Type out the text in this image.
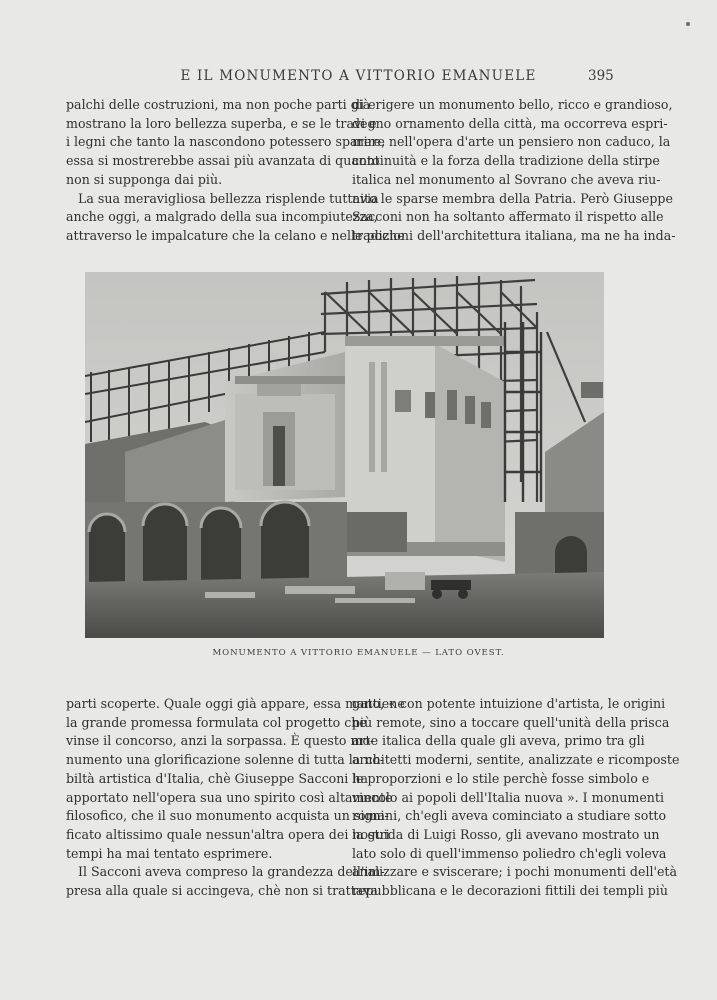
E IL MONUMENTO A VITTORIO EMANUELE	395
palchi delle costruzioni, ma non poche parti già
mostrano la loro bellezza superba, e se le travi e
i legni che tanto la nascondono potessero sparire,
essa si mostrerebbe assai più avanzata di quanto
non si supponga dai più.
La sua meravigliosa bellezza risplende tuttavia
anche oggi, a malgrado della sua incompiutezza,
attraverso le impalcature che la celano e nelle poche
di erigere un monumento bello, ricco e grandioso,
degno ornamento della città, ma occorreva espri-
mere nell'opera d'arte un pensiero non caduco, la
continuità e la forza della tradizione della stirpe
italica nel monumento al Sovrano che aveva riu-
nito le sparse membra della Patria. Però Giuseppe
Sacconi non ha soltanto affermato il rispetto alle
tradizioni dell'architettura italiana, ma ne ha inda-
MONUMENTO A VITTORIO EMANUELE — LATO OVEST.
parti scoperte. Quale oggi già appare, essa mantiene
la grande promessa formulata col progetto che
vinse il concorso, anzi la sorpassa. È questo mo-
numento una glorificazione solenne di tutta la no-
biltà artistica d'Italia, chè Giuseppe Sacconi ha
apportato nell'opera sua uno spirito così altamente
filosofico, che il suo monumento acquista un signi-
ficato altissimo quale nessun'altra opera dei nostri
tempi ha mai tentato esprimere.
Il Sacconi aveva compreso la grandezza dell'im-
presa alla quale si accingeva, chè non si trattava
gato, « con potente intuizione d'artista, le origini
più remote, sino a toccare quell'unità della prisca
arte italica della quale gli aveva, primo tra gli
architetti moderni, sentite, analizzate e ricomposte
le proporzioni e lo stile perchè fosse simbolo e
vincolo ai popoli dell'Italia nuova ». I monumenti
romani, ch'egli aveva cominciato a studiare sotto
la guida di Luigi Rosso, gli avevano mostrato un
lato solo di quell'immenso poliedro ch'egli voleva
analizzare e sviscerare; i pochi monumenti dell'età
repubblicana e le decorazioni fittili dei templi più
